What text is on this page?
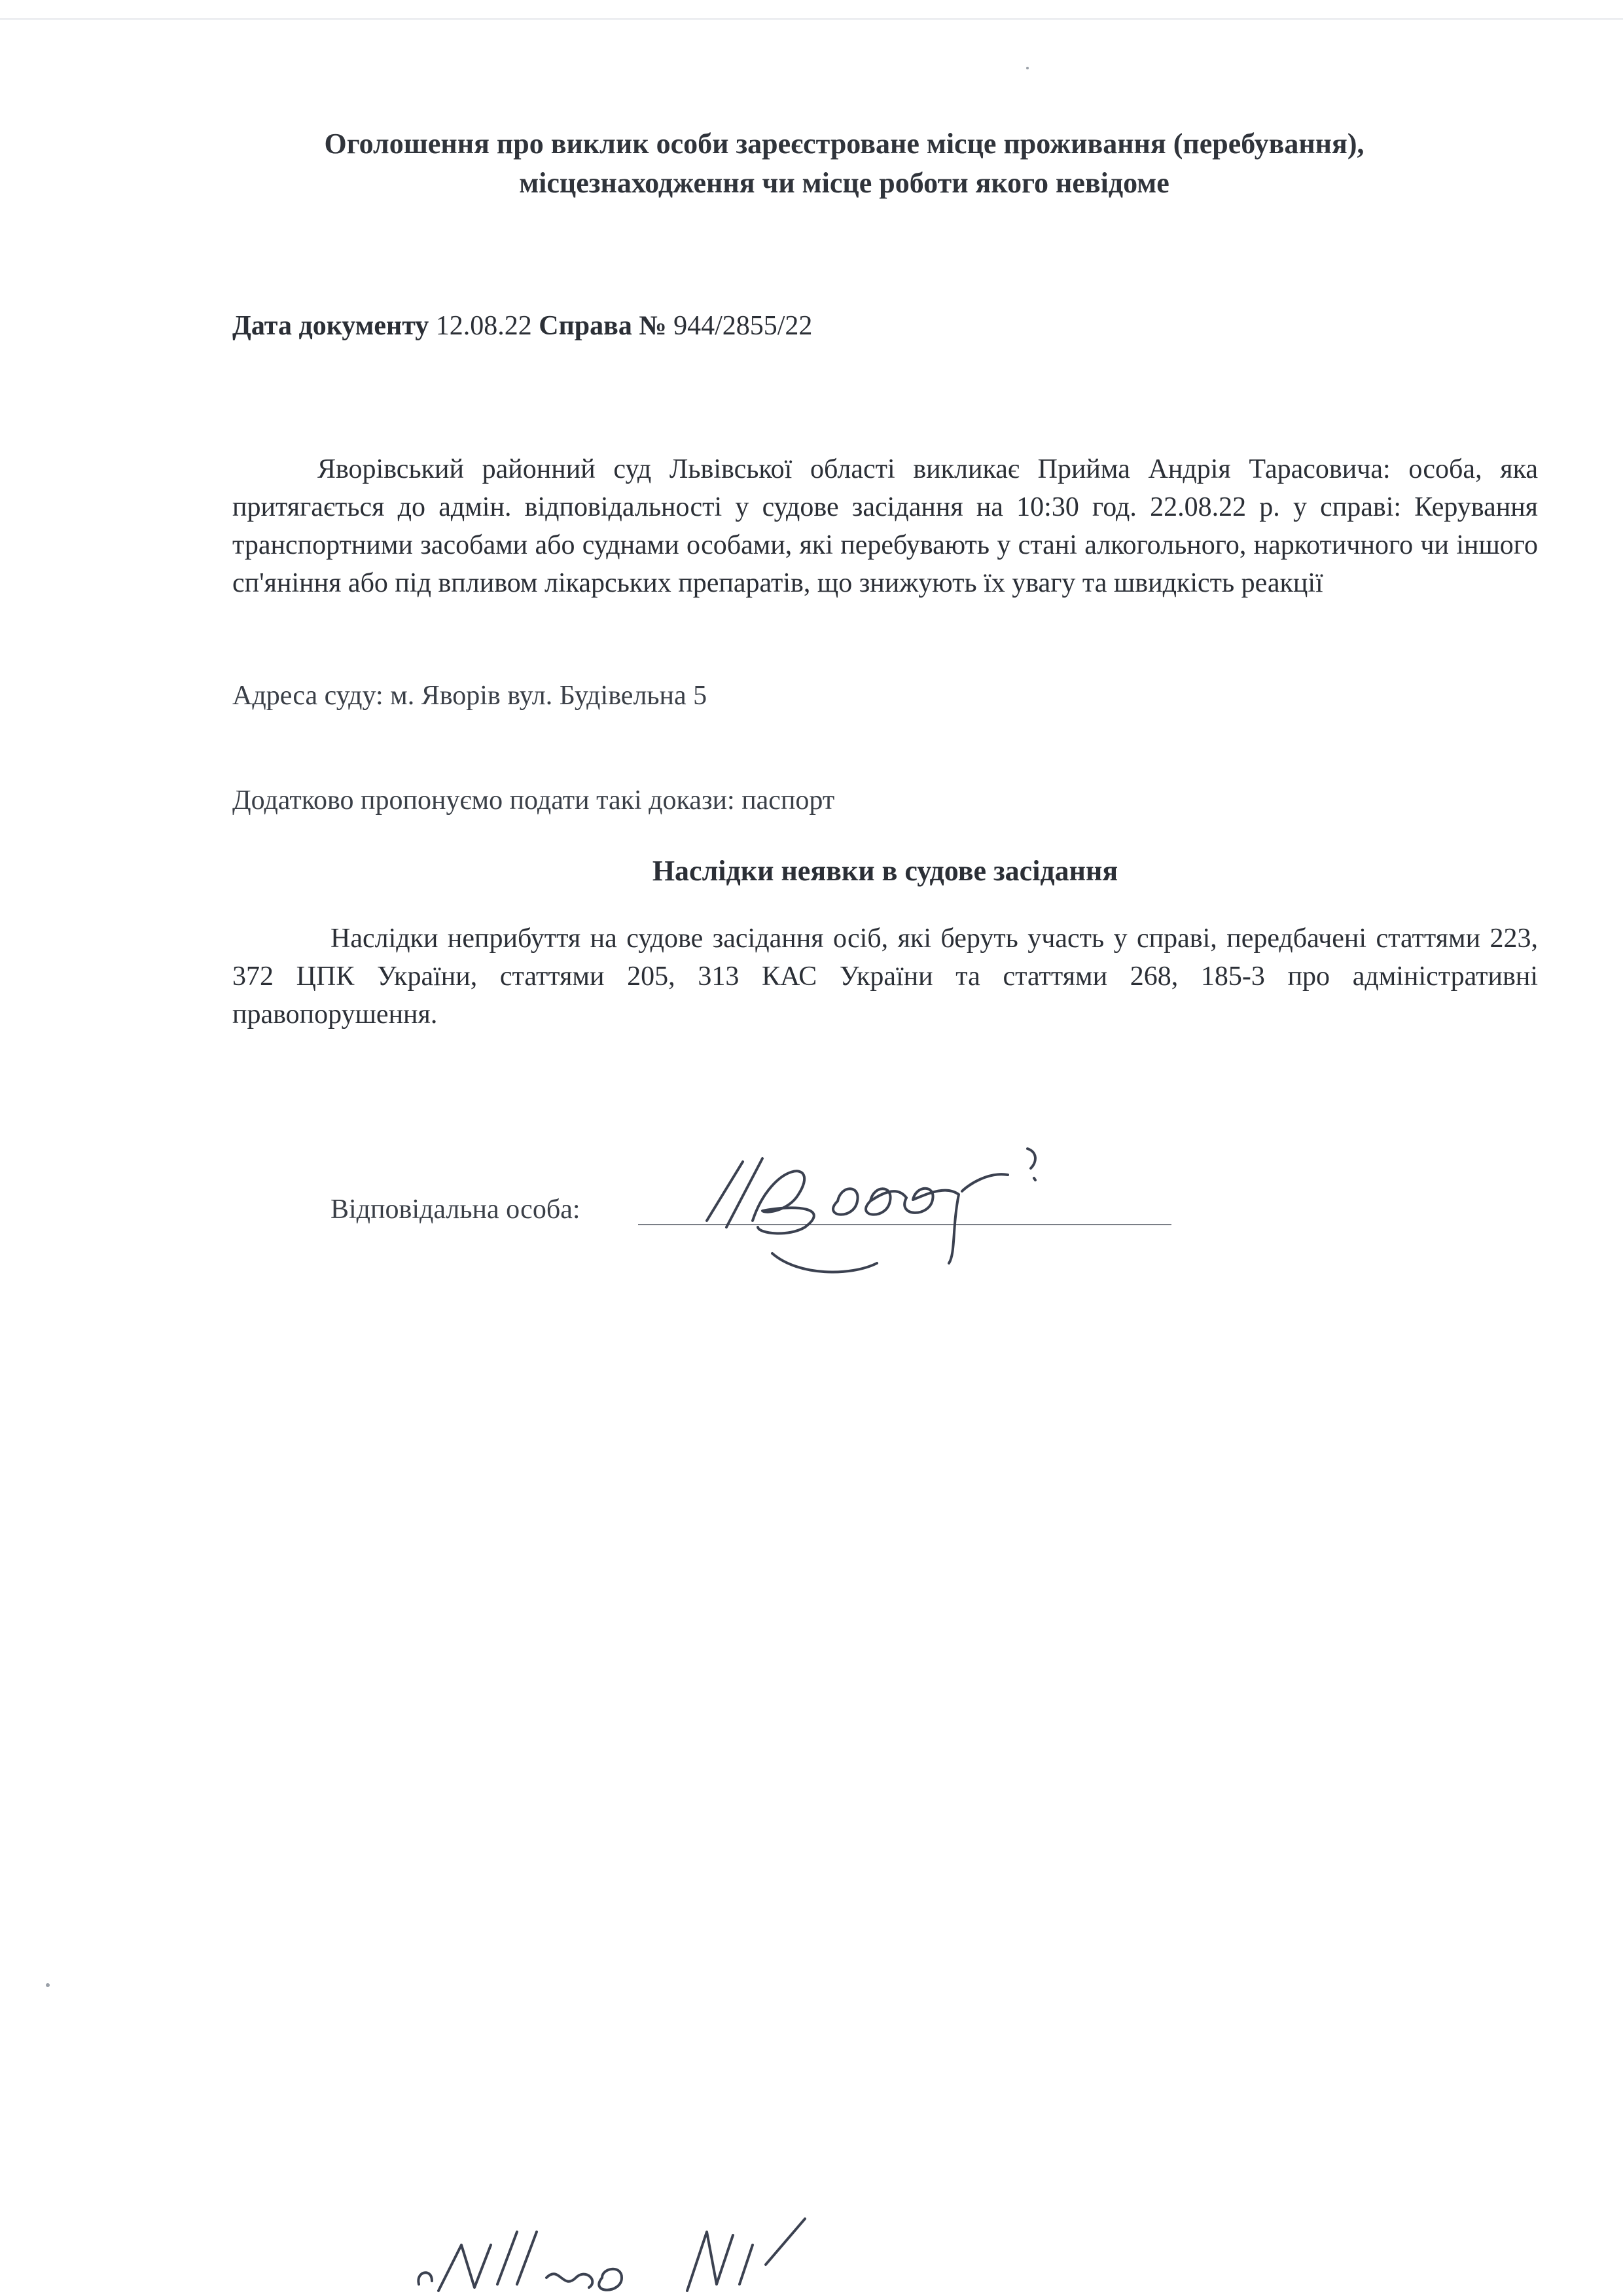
Оголошення про виклик особи зареєстроване місце проживання (перебування),
місцезнаходження чи місце роботи якого невідоме
Дата документу 12.08.22 Справа № 944/2855/22
Яворівський районний суд Львівської області викликає Прийма Андрія Тарасовича: особа, яка притягається до адмін. відповідальності у судове засідання на 10:30 год. 22.08.22 р. у справі: Керування транспортними засобами або суднами особами, які перебувають у стані алкогольного, наркотичного чи іншого сп'яніння або під впливом лікарських препаратів, що знижують їх увагу та швидкість реакції
Адреса суду: м. Яворів вул. Будівельна 5
Додатково пропонуємо подати такі докази: паспорт
Наслідки неявки в судове засідання
Наслідки неприбуття на судове засідання осіб, які беруть участь у справі, передбачені статтями 223, 372 ЦПК України, статтями 205, 313 КАС України та статтями 268, 185-3 про адміністративні правопорушення.
Відповідальна особа:
